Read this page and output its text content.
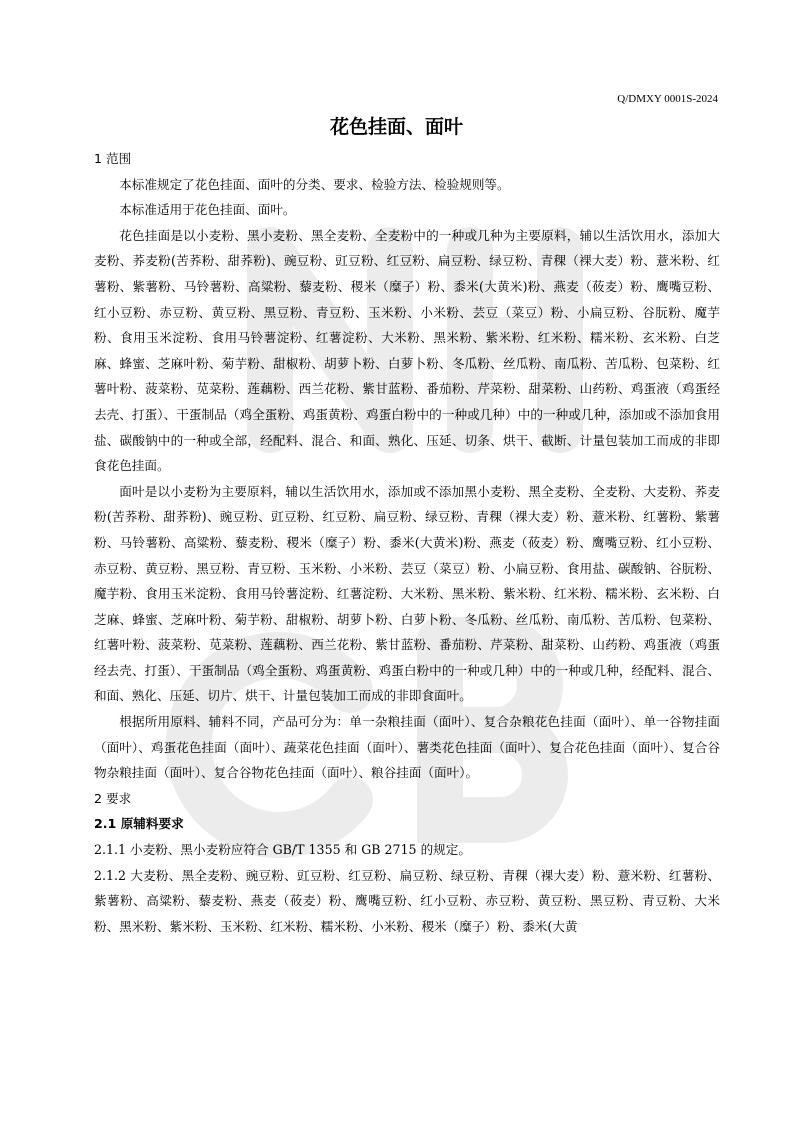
Q/DMXY 0001S-2024
花色挂面、面叶

1 范围

本标准规定了花色挂面、面叶的分类、要求、检验方法、检验规则等。

本标准适用于花色挂面、面叶。

花色挂面是以小麦粉、黑小麦粉、黑全麦粉、全麦粉中的一种或几种为主要原料，辅以生活饮用水，添加大麦粉、荞麦粉(苦荞粉、甜荞粉)、豌豆粉、豇豆粉、红豆粉、扁豆粉、绿豆粉、青稞（裸大麦）粉、薏米粉、红薯粉、紫薯粉、马铃薯粉、高粱粉、藜麦粉、稷米（糜子）粉、黍米(大黄米)粉、燕麦（莜麦）粉、鹰嘴豆粉、红小豆粉、赤豆粉、黄豆粉、黑豆粉、青豆粉、玉米粉、小米粉、芸豆（菜豆）粉、小扁豆粉、谷朊粉、魔芋粉、食用玉米淀粉、食用马铃薯淀粉、红薯淀粉、大米粉、黑米粉、紫米粉、红米粉、糯米粉、玄米粉、白芝麻、蜂蜜、芝麻叶粉、菊芋粉、甜椒粉、胡萝卜粉、白萝卜粉、冬瓜粉、丝瓜粉、南瓜粉、苦瓜粉、包菜粉、红薯叶粉、菠菜粉、苋菜粉、莲藕粉、西兰花粉、紫甘蓝粉、番茄粉、芹菜粉、甜菜粉、山药粉、鸡蛋液（鸡蛋经去壳、打蛋）、干蛋制品（鸡全蛋粉、鸡蛋黄粉、鸡蛋白粉中的一种或几种）中的一种或几种，添加或不添加食用盐、碳酸钠中的一种或全部，经配料、混合、和面、熟化、压延、切条、烘干、截断、计量包装加工而成的非即食花色挂面。

面叶是以小麦粉为主要原料，辅以生活饮用水，添加或不添加黑小麦粉、黑全麦粉、全麦粉、大麦粉、荞麦粉(苦荞粉、甜荞粉)、豌豆粉、豇豆粉、红豆粉、扁豆粉、绿豆粉、青稞（裸大麦）粉、薏米粉、红薯粉、紫薯粉、马铃薯粉、高粱粉、藜麦粉、稷米（糜子）粉、黍米(大黄米)粉、燕麦（莜麦）粉、鹰嘴豆粉、红小豆粉、赤豆粉、黄豆粉、黑豆粉、青豆粉、玉米粉、小米粉、芸豆（菜豆）粉、小扁豆粉、食用盐、碳酸钠、谷朊粉、魔芋粉、食用玉米淀粉、食用马铃薯淀粉、红薯淀粉、大米粉、黑米粉、紫米粉、红米粉、糯米粉、玄米粉、白芝麻、蜂蜜、芝麻叶粉、菊芋粉、甜椒粉、胡萝卜粉、白萝卜粉、冬瓜粉、丝瓜粉、南瓜粉、苦瓜粉、包菜粉、红薯叶粉、菠菜粉、苋菜粉、莲藕粉、西兰花粉、紫甘蓝粉、番茄粉、芹菜粉、甜菜粉、山药粉、鸡蛋液（鸡蛋经去壳、打蛋）、干蛋制品（鸡全蛋粉、鸡蛋黄粉、鸡蛋白粉中的一种或几种）中的一种或几种，经配料、混合、和面、熟化、压延、切片、烘干、计量包装加工而成的非即食面叶。

根据所用原料、辅料不同，产品可分为：单一杂粮挂面（面叶）、复合杂粮花色挂面（面叶）、单一谷物挂面（面叶）、鸡蛋花色挂面（面叶）、蔬菜花色挂面（面叶）、薯类花色挂面（面叶）、复合花色挂面（面叶）、复合谷物杂粮挂面（面叶）、复合谷物花色挂面（面叶）、粮谷挂面（面叶）。

2 要求

2.1 原辅料要求

2.1.1 小麦粉、黑小麦粉应符合 GB/T 1355 和 GB 2715 的规定。

2.1.2 大麦粉、黑全麦粉、豌豆粉、豇豆粉、红豆粉、扁豆粉、绿豆粉、青稞（裸大麦）粉、薏米粉、红薯粉、紫薯粉、高粱粉、藜麦粉、燕麦（莜麦）粉、鹰嘴豆粉、红小豆粉、赤豆粉、黄豆粉、黑豆粉、青豆粉、大米粉、黑米粉、紫米粉、玉米粉、红米粉、糯米粉、小米粉、稷米（糜子）粉、黍米(大黄
